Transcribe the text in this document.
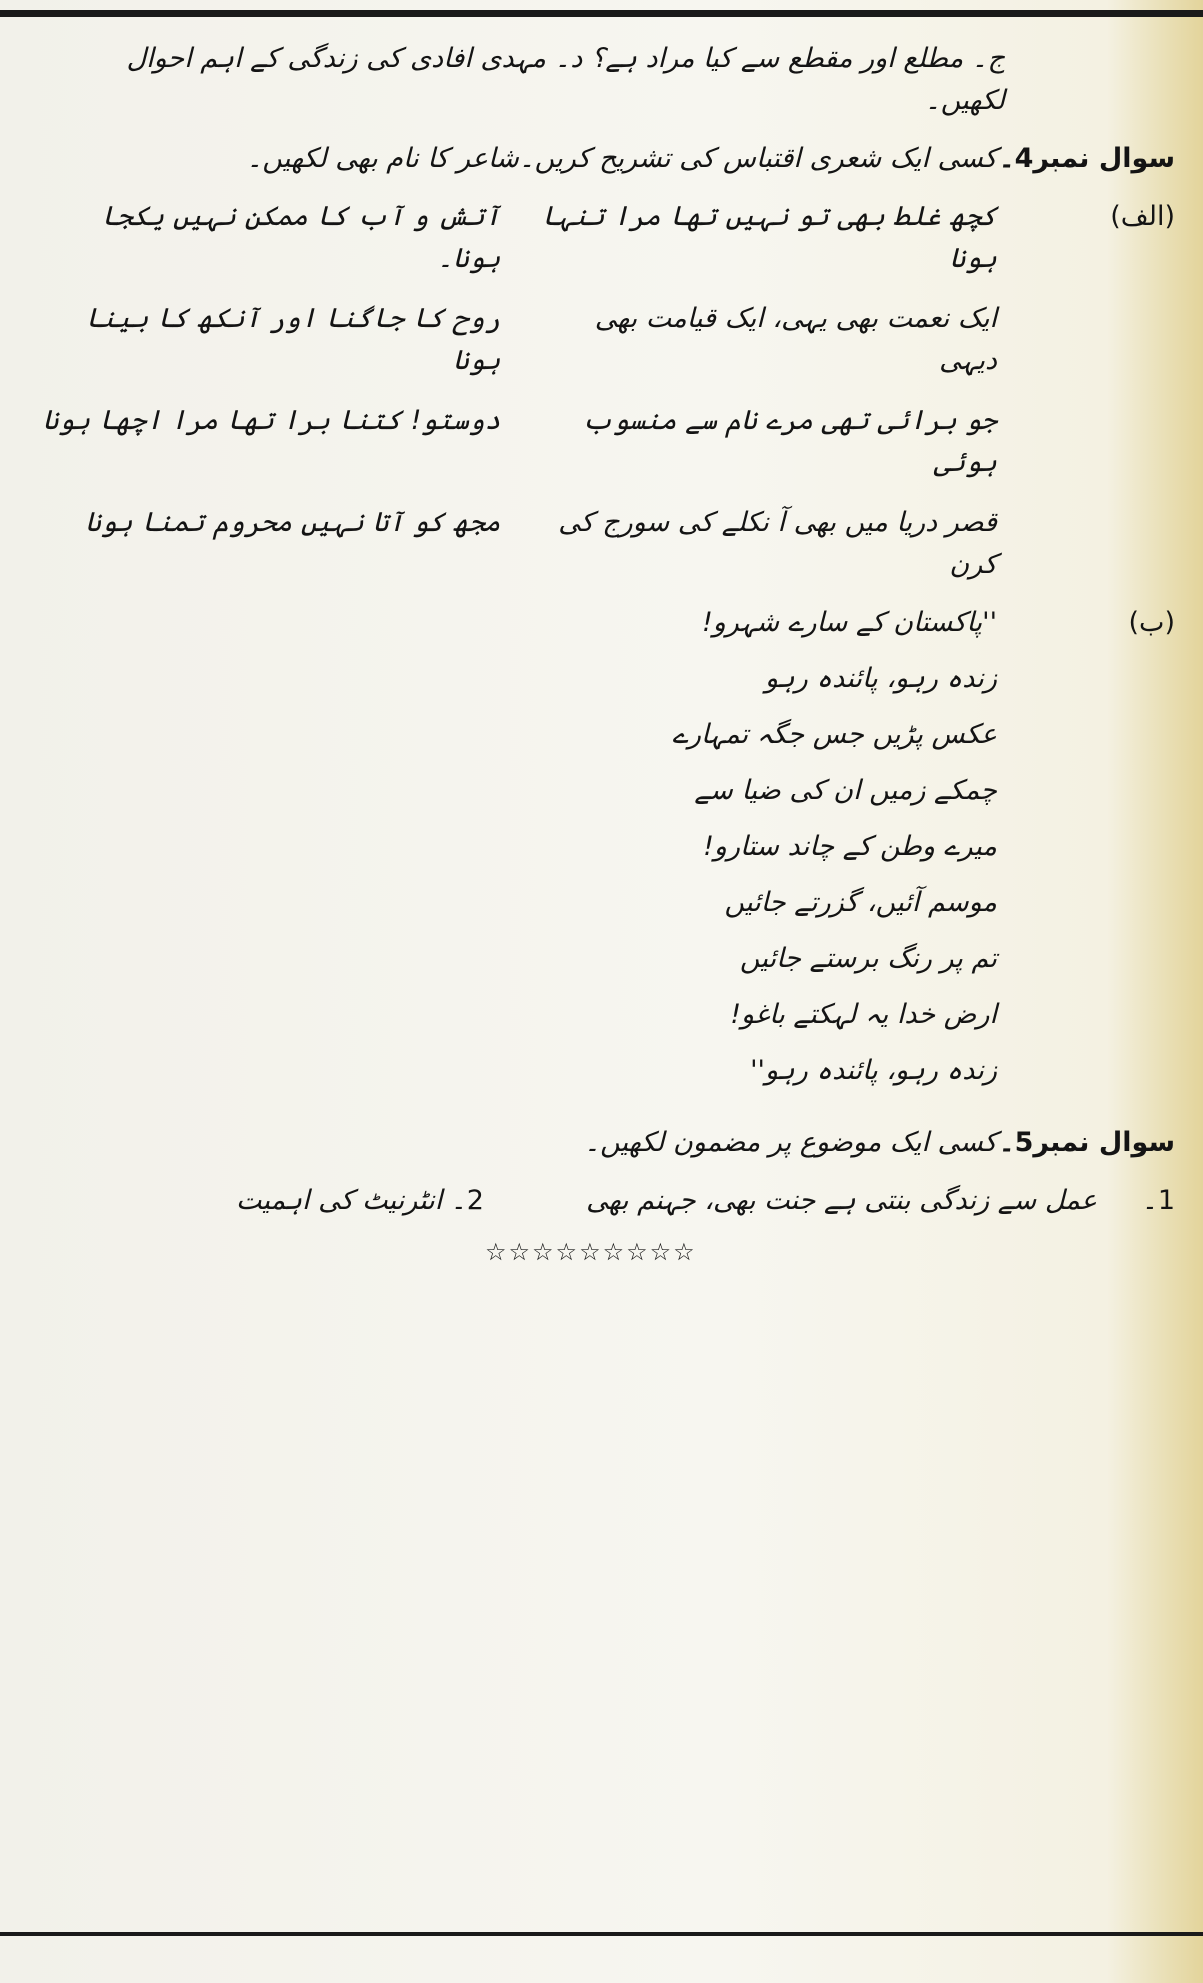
ج۔ مطلع اور مقطع سے کیا مراد ہے؟ د۔ مہدی افادی کی زندگی کے اہم احوال لکھیں۔
سوال نمبر4۔
کسی ایک شعری اقتباس کی تشریح کریں۔شاعر کا نام بھی لکھیں۔
(الف)
کچھ غلط بھی تو نہیں تھا مرا تنہا ہونا
آتش و آب کا ممکن نہیں یکجا ہونا۔
ایک نعمت بھی یہی، ایک قیامت بھی دیہی
روح کا جاگنا اور آنکھ کا بینا ہونا
جو برائی تھی مرے نام سے منسوب ہوئی
دوستو! کتنا برا تھا مرا اچھا ہونا
قصر دریا میں بھی آ نکلے کی سورج کی کرن
مجھ کو آتا نہیں محروم تمنا ہونا
(ب)
''پاکستان کے سارے شہرو!
زندہ رہو، پائندہ رہو
عکس پڑیں جس جگہ تمہارے
چمکے زمیں ان کی ضیا سے
میرے وطن کے چاند ستارو!
موسم آئیں، گزرتے جائیں
تم پر رنگ برستے جائیں
ارض خدا یہ لہکتے باغو!
زندہ رہو، پائندہ رہو''
سوال نمبر5۔
کسی ایک موضوع پر مضمون لکھیں۔
1۔
عمل سے زندگی بنتی ہے جنت بھی، جہنم بھی
2۔ انٹرنیٹ کی اہمیت
☆☆☆☆☆☆☆☆☆
